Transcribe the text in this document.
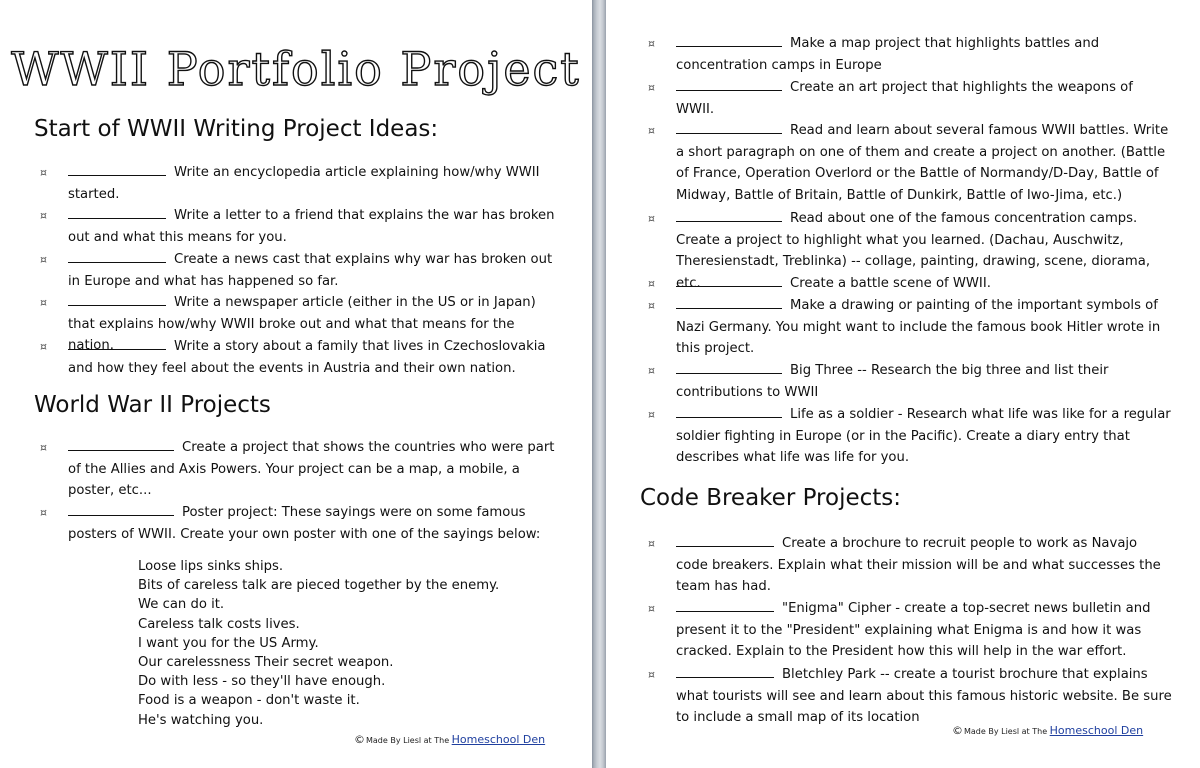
WWII Portfolio Project
Start of WWII Writing Project Ideas:
¤	Write an encyclopedia article explaining how/why WWII started.
¤	Write a letter to a friend that explains the war has broken out and what this means for you.
¤	Create a news cast that explains why war has broken out in Europe and what has happened so far.
¤	Write a newspaper article (either in the US or in Japan) that explains how/why WWII broke out and what that means for the nation.
¤	Write a story about a family that lives in Czechoslovakia and how they feel about the events in Austria and their own nation.
World War II Projects
¤	Create a project that shows the countries who were part of the Allies and Axis Powers. Your project can be a map, a mobile, a poster, etc...
¤	Poster project: These sayings were on some famous posters of WWII. Create your own poster with one of the sayings below:
Loose lips sinks ships.
Bits of careless talk are pieced together by the enemy.
We can do it.
Careless talk costs lives.
I want you for the US Army.
Our carelessness Their secret weapon.
Do with less - so they'll have enough.
Food is a weapon - don't waste it.
He's watching you.
©Made By Liesl at The Homeschool Den
¤	Make a map project that highlights battles and concentration camps in Europe
¤	Create an art project that highlights the weapons of WWII.
¤	Read and learn about several famous WWII battles. Write a short paragraph on one of them and create a project on another. (Battle of France, Operation Overlord or the Battle of Normandy/D-Day, Battle of Midway, Battle of Britain, Battle of Dunkirk, Battle of Iwo-Jima, etc.)
¤	Read about one of the famous concentration camps. Create a project to highlight what you learned. (Dachau, Auschwitz, Theresienstadt, Treblinka) -- collage, painting, drawing, scene, diorama, etc.
¤	Create a battle scene of WWII.
¤	Make a drawing or painting of the important symbols of Nazi Germany. You might want to include the famous book Hitler wrote in this project.
¤	Big Three -- Research the big three and list their contributions to WWII
¤	Life as a soldier - Research what life was like for a regular soldier fighting in Europe (or in the Pacific). Create a diary entry that describes what life was life for you.
Code Breaker Projects:
¤	Create a brochure to recruit people to work as Navajo code breakers. Explain what their mission will be and what successes the team has had.
¤	"Enigma" Cipher - create a top-secret news bulletin and present it to the "President" explaining what Enigma is and how it was cracked. Explain to the President how this will help in the war effort.
¤	Bletchley Park -- create a tourist brochure that explains what tourists will see and learn about this famous historic website. Be sure to include a small map of its location
©Made By Liesl at The Homeschool Den
